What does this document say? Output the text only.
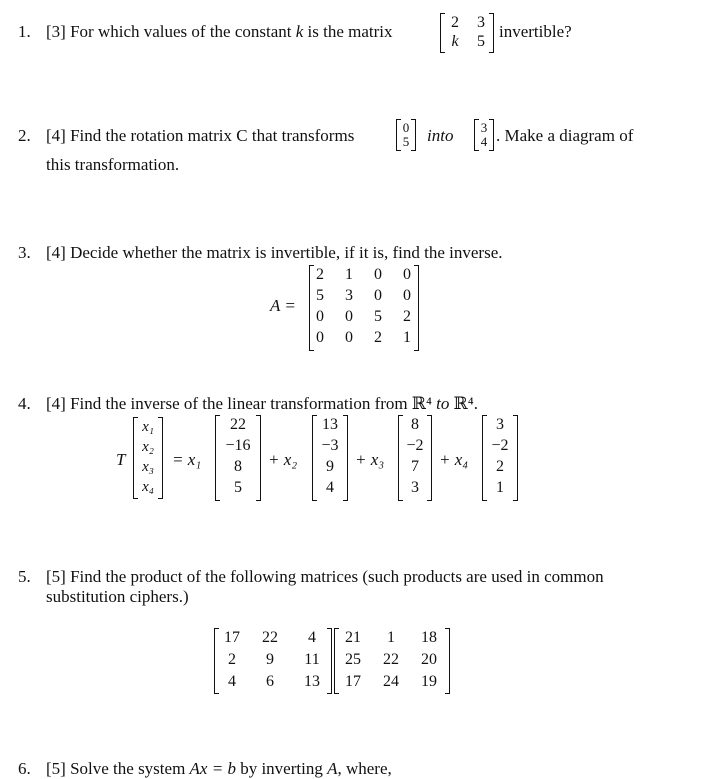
1. [3] For which values of the constant k is the matrix	2	3
k	5
invertible?
2. [4] Find the rotation matrix C that transforms	0
5 into 3
4 . Make a diagram of
this transformation.
3. [4] Decide whether the matrix is invertible, if it is, find the inverse.
A =
2	1	0	0
5	3	0	0
0	0	5	2
0	0	2	1
4. [4] Find the inverse of the linear transformation from ℝ⁴ to ℝ⁴.
T
x₁
x₂
x₃
x₄
= x₁
22
−16
8
5
+ x₂
13
−3
9
4
+ x₃
8
−2
7
3
+ x₄
3
−2
2
1
5. [5] Find the product of the following matrices (such products are used in common
substitution ciphers.)
17	22	4
2	9	11
4	6	13
21	1	18
25	22	20
17	24	19
6. [5] Solve the system Ax = b by inverting A, where,
